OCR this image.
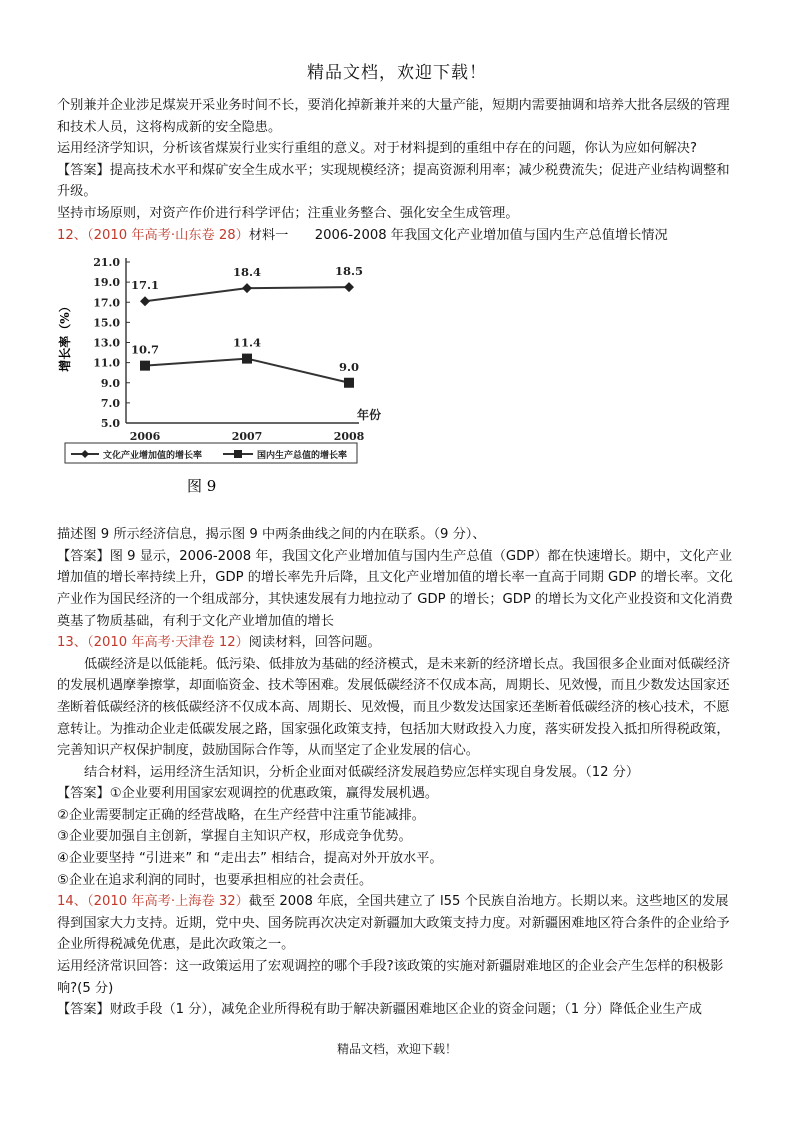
精品文档，欢迎下载！

个别兼并企业涉足煤炭开采业务时间不长，要消化掉新兼并来的大量产能，短期内需要抽调和培养大批各层级的管理和技术人员，这将构成新的安全隐患。

运用经济学知识，分析该省煤炭行业实行重组的意义。对于材料提到的重组中存在的问题，你认为应如何解决?

【答案】提高技术水平和煤矿安全生成水平；实现规模经济；提高资源利用率；减少税费流失；促进产业结构调整和升级。

坚持市场原则，对资产作价进行科学评估；注重业务整合、强化安全生成管理。

12、（2010 年高考·山东卷 28）材料一　　2006-2008 年我国文化产业增加值与国内生产总值增长情况

增长率（%）
5.0
7.0
9.0
11.0
13.0
15.0
17.0
19.0
21.0
2006	2007	2008
年份
17.1
18.4	18.5
10.7
11.4
9.0
文化产业增加值的增长率	国内生产总值的增长率
图 9

描述图 9 所示经济信息，揭示图 9 中两条曲线之间的内在联系。（9 分）、

【答案】图 9 显示，2006-2008 年，我国文化产业增加值与国内生产总值（GDP）都在快速增长。期中，文化产业增加值的增长率持续上升，GDP 的增长率先升后降，且文化产业增加值的增长率一直高于同期 GDP 的增长率。文化产业作为国民经济的一个组成部分，其快速发展有力地拉动了 GDP 的增长；GDP 的增长为文化产业投资和文化消费奠基了物质基础，有利于文化产业增加值的增长

13、（2010 年高考·天津卷 12）阅读材料，回答问题。

低碳经济是以低能耗。低污染、低排放为基础的经济模式，是未来新的经济增长点。我国很多企业面对低碳经济的发展机遇摩拳擦掌，却面临资金、技术等困难。发展低碳经济不仅成本高，周期长、见效慢，而且少数发达国家还垄断着低碳经济的核低碳经济不仅成本高、周期长、见效慢，而且少数发达国家还垄断着低碳经济的核心技术，不愿意转让。为推动企业走低碳发展之路，国家强化政策支持，包括加大财政投入力度，落实研发投入抵扣所得税政策，完善知识产权保护制度，鼓励国际合作等，从而坚定了企业发展的信心。

结合材料，运用经济生活知识，分析企业面对低碳经济发展趋势应怎样实现自身发展。（12 分）

【答案】①企业要利用国家宏观调控的优惠政策，赢得发展机遇。

②企业需要制定正确的经营战略，在生产经营中注重节能减排。

③企业要加强自主创新，掌握自主知识产权，形成竞争优势。

④企业要坚持 “引进来” 和 “走出去” 相结合，提高对外开放水平。

⑤企业在追求利润的同时，也要承担相应的社会责任。

14、（2010 年高考·上海卷 32）截至 2008 年底，全国共建立了 l55 个民族自治地方。长期以来。这些地区的发展得到国家大力支持。近期，党中央、国务院再次决定对新疆加大政策支持力度。对新疆困难地区符合条件的企业给予企业所得税减免优惠，是此次政策之一。

运用经济常识回答：这一政策运用了宏观调控的哪个手段?该政策的实施对新疆尉难地区的企业会产生怎样的积极影响?(5 分)

【答案】财政手段（1 分），减免企业所得税有助于解决新疆困难地区企业的资金问题；（1 分）降低企业生产成

精品文档，欢迎下载！
